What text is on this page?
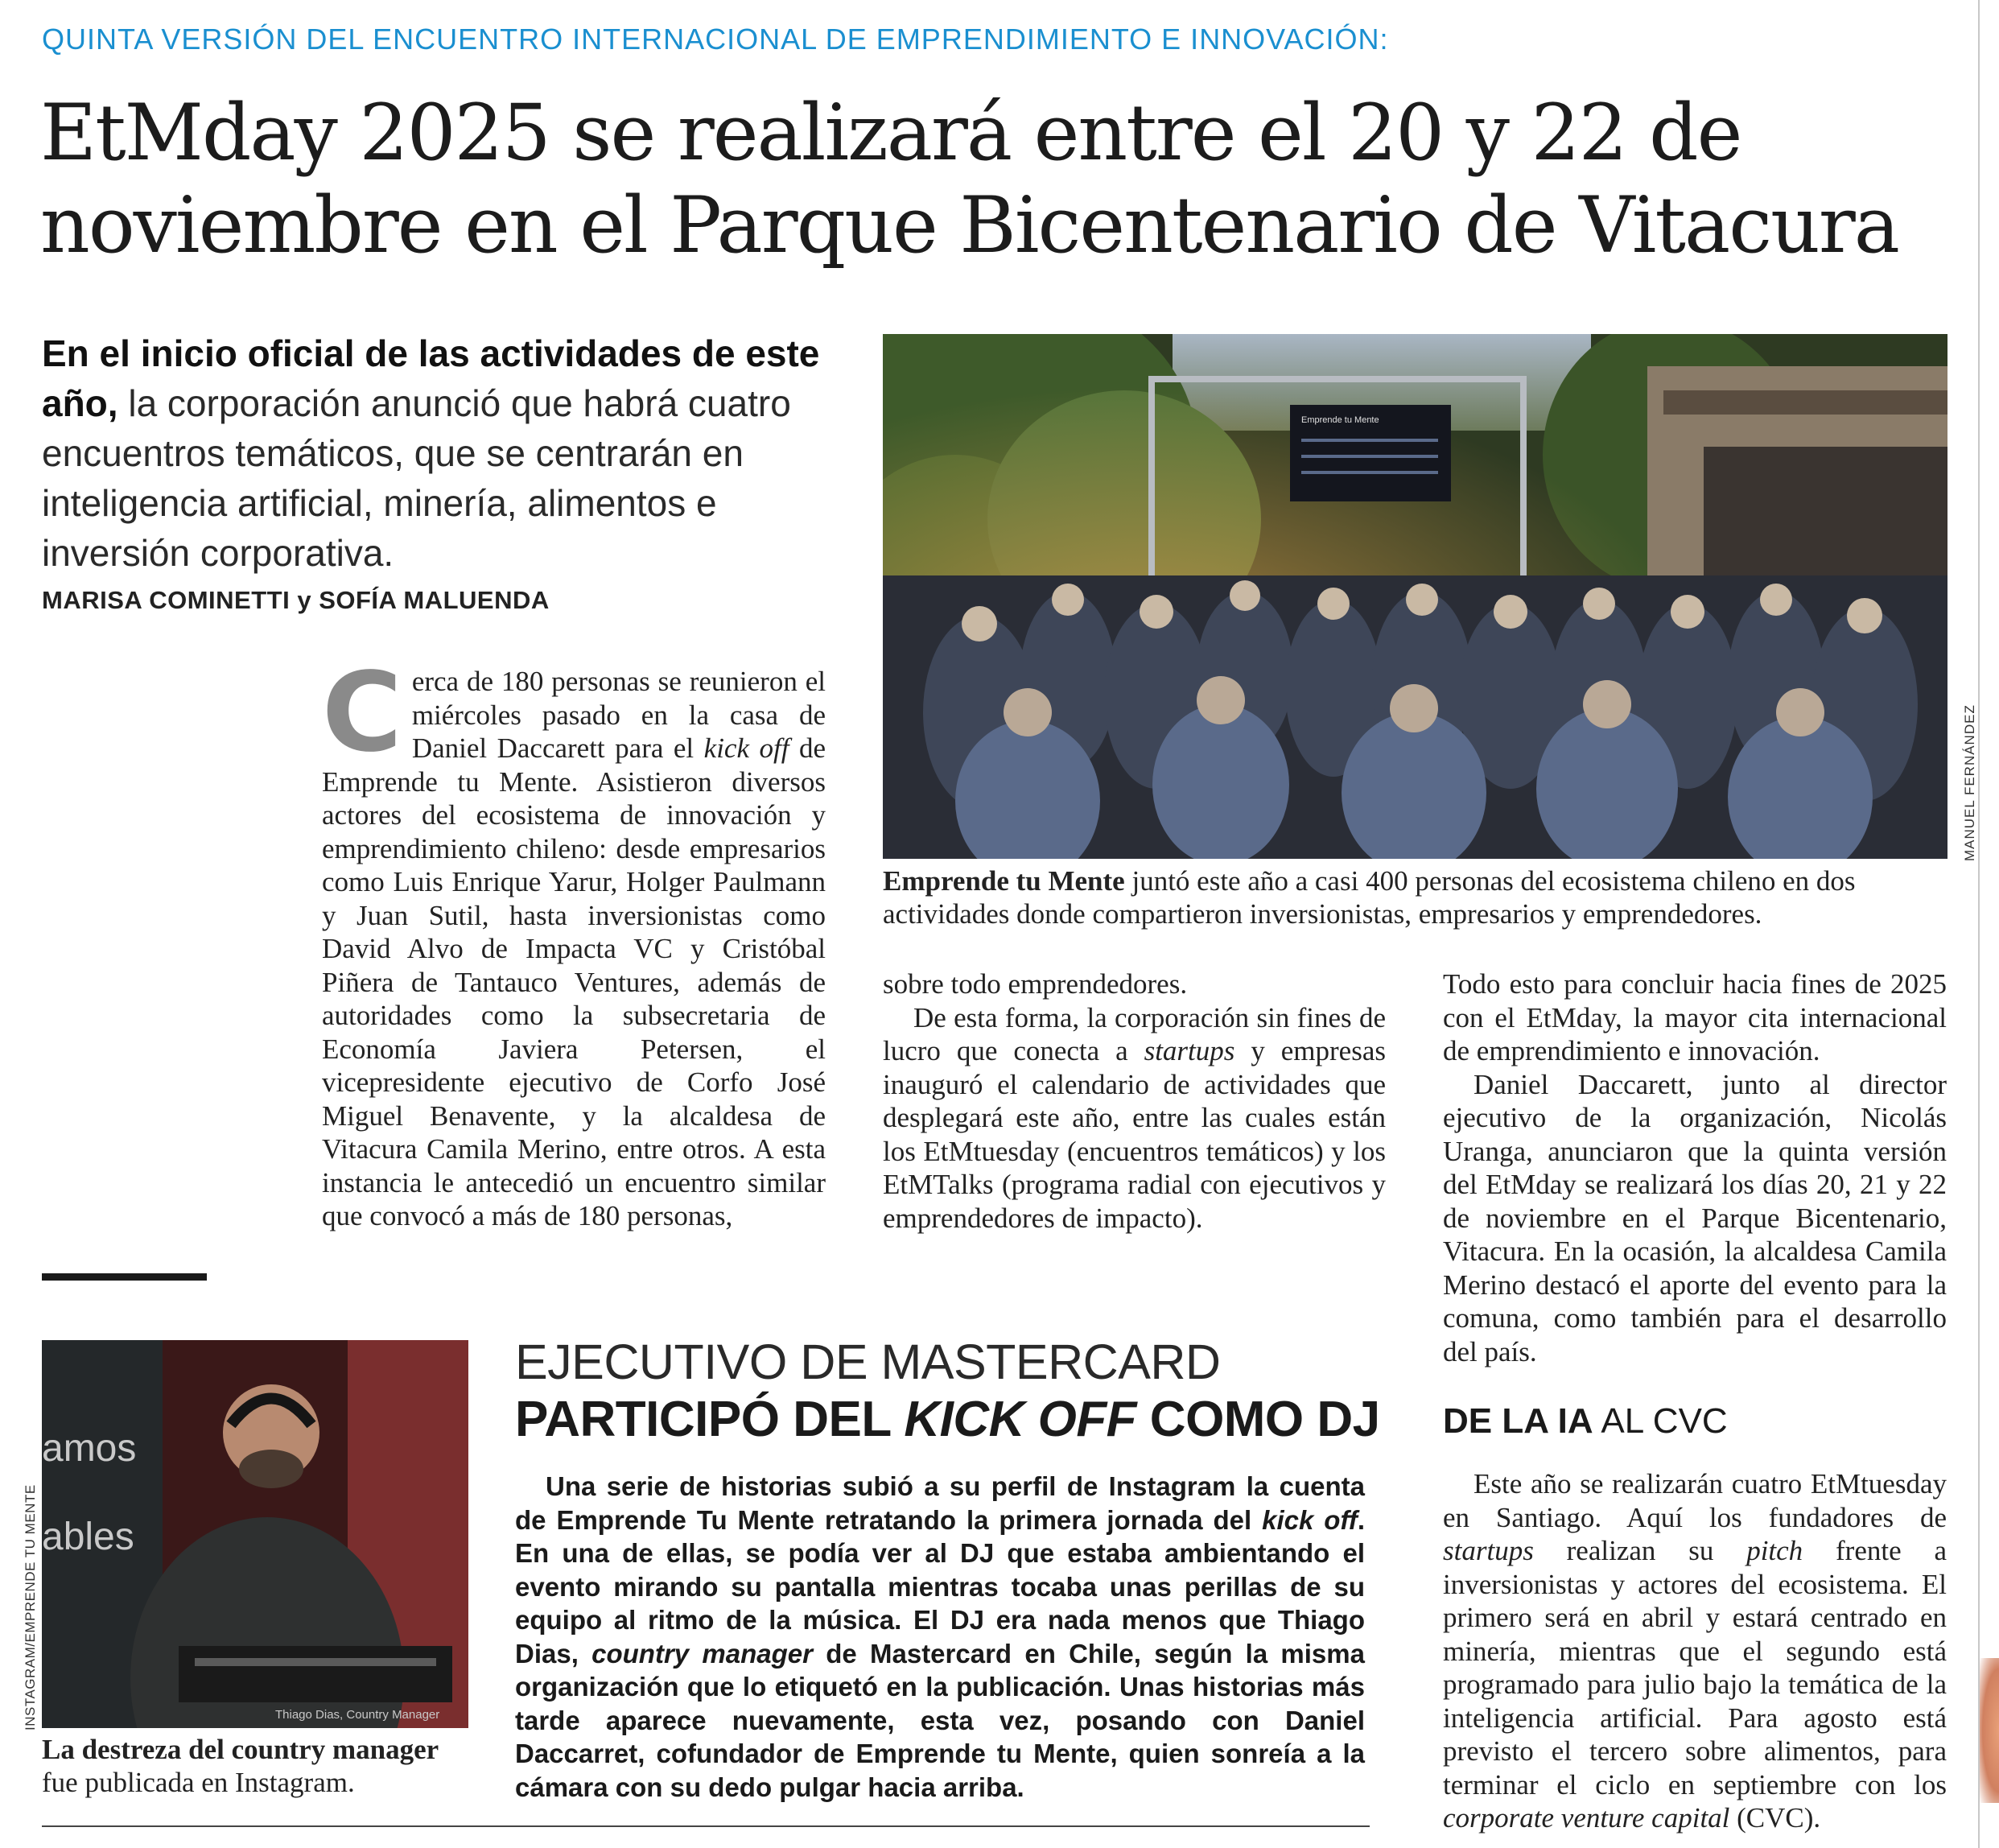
QUINTA VERSIÓN DEL ENCUENTRO INTERNACIONAL DE EMPRENDIMIENTO E INNOVACIÓN:
EtMday 2025 se realizará entre el 20 y 22 de
noviembre en el Parque Bicentenario de Vitacura
En el inicio oficial de las actividades de este año, la corporación anunció que habrá cuatro encuentros temáticos, que se centrarán en inteligencia artificial, minería, alimentos e inversión corporativa.
MARISA COMINETTI y SOFÍA MALUENDA
Cerca de 180 personas se reunieron el miércoles pasado en la casa de Daniel Daccarett para el kick off de Emprende tu Mente. Asistieron diversos actores del ecosistema de innovación y emprendimiento chileno: desde empresarios como Luis Enrique Yarur, Holger Paulmann y Juan Sutil, hasta inversionistas como David Alvo de Impacta VC y Cristóbal Piñera de Tantauco Ventures, además de autoridades como la subsecretaria de Economía Javiera Petersen, el vicepresidente ejecutivo de Corfo José Miguel Benavente, y la alcaldesa de Vitacura Camila Merino, entre otros. A esta instancia le antecedió un encuentro similar que convocó a más de 180 personas,
Emprende tu Mente
MANUEL FERNÁNDEZ
Emprende tu Mente juntó este año a casi 400 personas del ecosistema chileno en dos actividades donde compartieron inversionistas, empresarios y emprendedores.
sobre todo emprendedores.
De esta forma, la corporación sin fines de lucro que conecta a startups y empresas inauguró el calendario de actividades que desplegará este año, entre las cuales están los EtMtuesday (encuentros temáticos) y los EtMTalks (programa radial con ejecutivos y emprendedores de impacto).
Todo esto para concluir hacia fines de 2025 con el EtMday, la mayor cita internacional de emprendimiento e innovación.
Daniel Daccarett, junto al director ejecutivo de la organización, Nicolás Uranga, anunciaron que la quinta versión del EtMday se realizará los días 20, 21 y 22 de noviembre en el Parque Bicentenario, Vitacura. En la ocasión, la alcaldesa Camila Merino destacó el aporte del evento para la comuna, como también para el desarrollo del país.
DE LA IA AL CVC
Este año se realizarán cuatro EtMtuesday en Santiago. Aquí los fundadores de startups realizan su pitch frente a inversionistas y actores del ecosistema. El primero será en abril y estará centrado en minería, mientras que el segundo está programado para julio bajo la temática de la inteligencia artificial. Para agosto está previsto el tercero sobre alimentos, para terminar el ciclo en septiembre con los corporate venture capital (CVC).
INSTAGRAM/EMPRENDE TU MENTE
amos
ables
Thiago Dias, Country Manager
La destreza del country manager fue publicada en Instagram.
EJECUTIVO DE MASTERCARD
PARTICIPÓ DEL KICK OFF COMO DJ
Una serie de historias subió a su perfil de Instagram la cuenta de Emprende Tu Mente retratando la primera jornada del kick off. En una de ellas, se podía ver al DJ que estaba ambientando el evento mirando su pantalla mientras tocaba unas perillas de su equipo al ritmo de la música. El DJ era nada menos que Thiago Dias, country manager de Mastercard en Chile, según la misma organización que lo etiquetó en la publicación. Unas historias más tarde aparece nuevamente, esta vez, posando con Daniel Daccarret, cofundador de Emprende tu Mente, quien sonreía a la cámara con su dedo pulgar hacia arriba.
